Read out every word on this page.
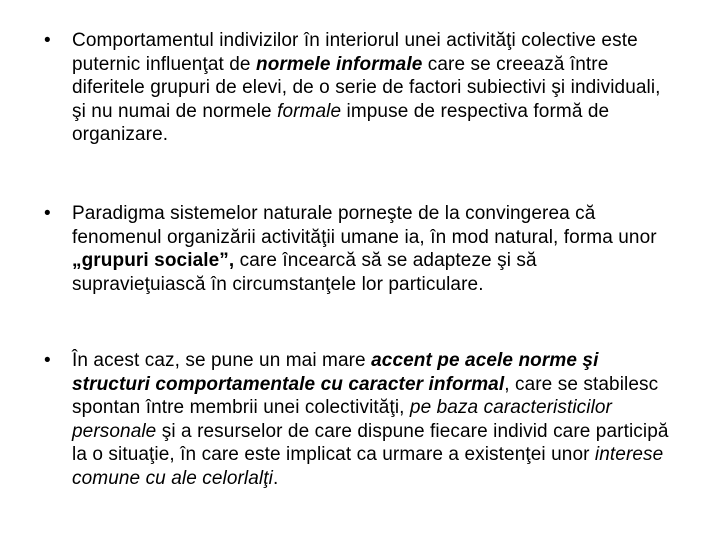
• Comportamentul indivizilor în interiorul unei activităţi colective este puternic influenţat de normele informale care se creează între diferitele grupuri de elevi, de o serie de factori subiectivi şi individuali, şi nu numai de normele formale impuse de respectiva formă de organizare.
• Paradigma sistemelor naturale porneşte de la convingerea că fenomenul organizării activităţii umane ia, în mod natural, forma unor „grupuri sociale”, care încearcă să se adapteze şi să supravieţuiască în circumstanţele lor particulare.
• În acest caz, se pune un mai mare accent pe acele norme şi structuri comportamentale cu caracter informal, care se stabilesc spontan între membrii unei colectivităţi, pe baza caracteristicilor personale şi a resurselor de care dispune fiecare individ care participă la o situaţie, în care este implicat ca urmare a existenţei unor interese comune cu ale celorlalţi.
